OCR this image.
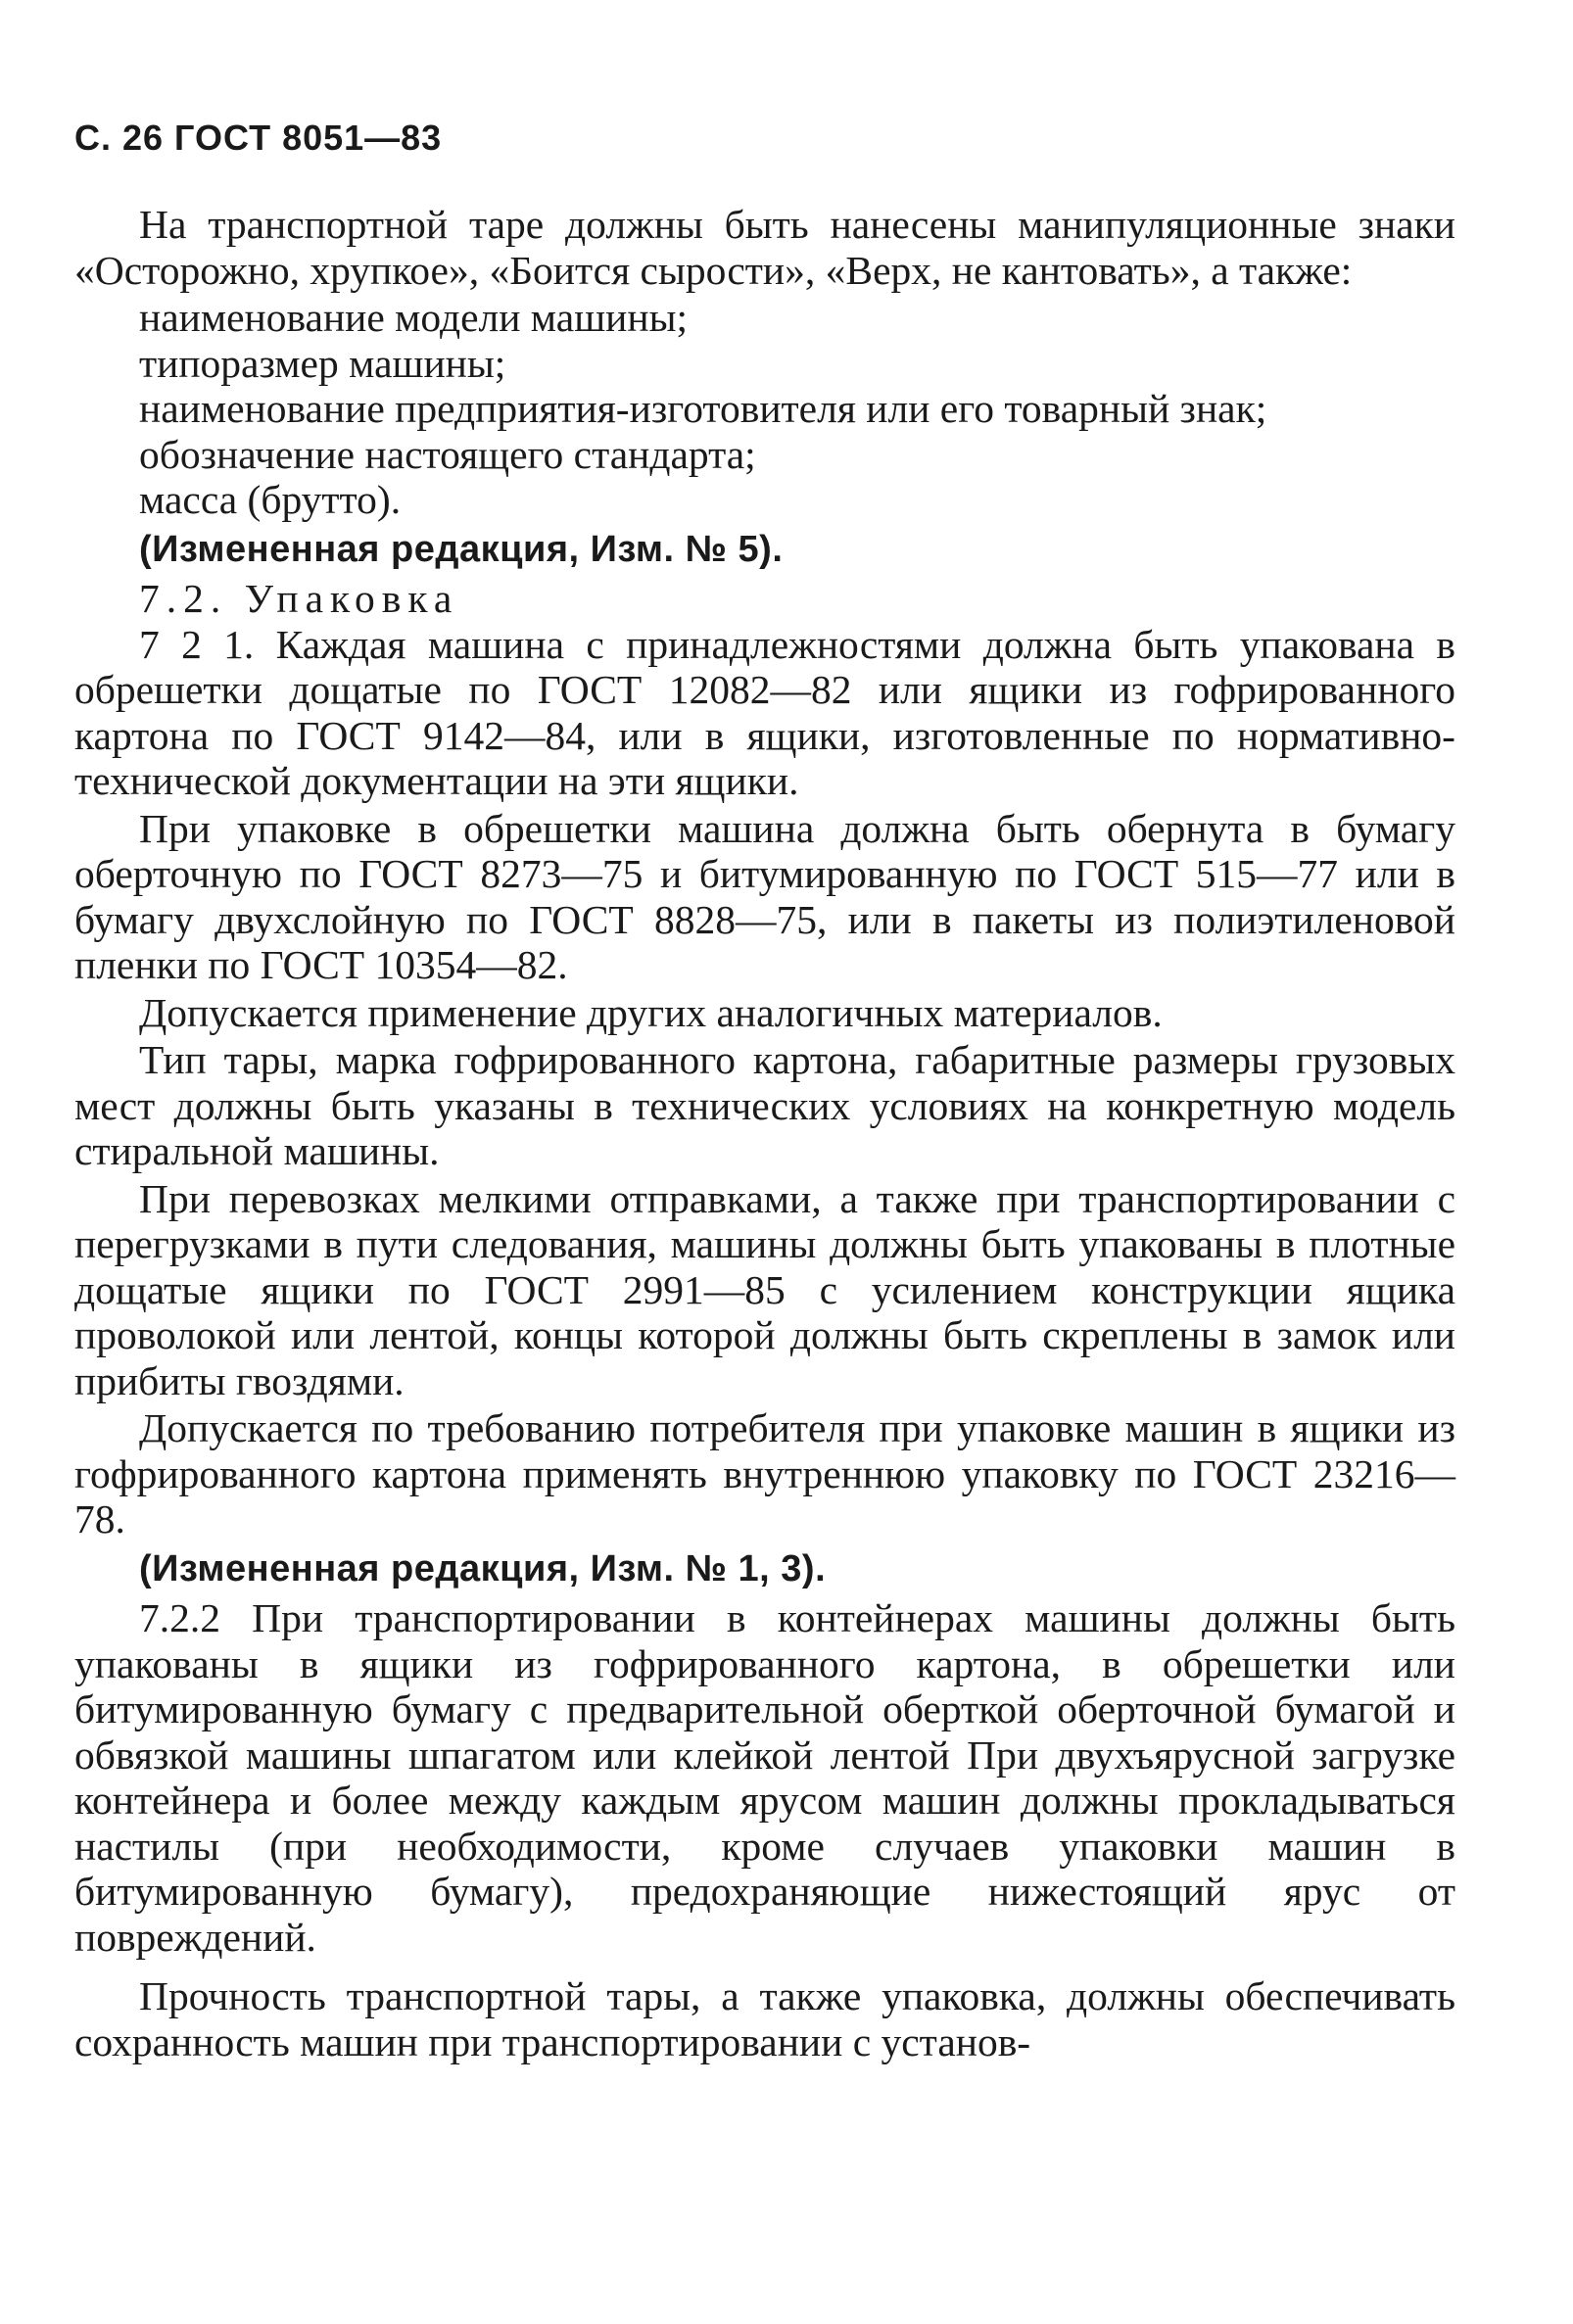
С. 26 ГОСТ 8051—83

На транспортной таре должны быть нанесены манипуляционные знаки «Осторожно, хрупкое», «Боится сырости», «Верх, не кантовать», а также:

наименование модели машины;

типоразмер машины;

наименование предприятия-изготовителя или его товарный знак;

обозначение настоящего стандарта;

масса (брутто).

(Измененная редакция, Изм. № 5).

7.2. Упаковка

7 2 1. Каждая машина с принадлежностями должна быть упакована в обрешетки дощатые по ГОСТ 12082—82 или ящики из гофрированного картона по ГОСТ 9142—84, или в ящики, изготовленные по нормативно-технической документации на эти ящики.

При упаковке в обрешетки машина должна быть обернута в бумагу оберточную по ГОСТ 8273—75 и битумированную по ГОСТ 515—77 или в бумагу двухслойную по ГОСТ 8828—75, или в пакеты из полиэтиленовой пленки по ГОСТ 10354—82.

Допускается применение других аналогичных материалов.

Тип тары, марка гофрированного картона, габаритные размеры грузовых мест должны быть указаны в технических условиях на конкретную модель стиральной машины.

При перевозках мелкими отправками, а также при транспортировании с перегрузками в пути следования, машины должны быть упакованы в плотные дощатые ящики по ГОСТ 2991—85 с усилением конструкции ящика проволокой или лентой, концы которой должны быть скреплены в замок или прибиты гвоздями.

Допускается по требованию потребителя при упаковке машин в ящики из гофрированного картона применять внутреннюю упаковку по ГОСТ 23216—78.

(Измененная редакция, Изм. № 1, 3).

7.2.2 При транспортировании в контейнерах машины должны быть упакованы в ящики из гофрированного картона, в обрешетки или битумированную бумагу с предварительной оберткой оберточной бумагой и обвязкой машины шпагатом или клейкой лентой При двухъярусной загрузке контейнера и более между каждым ярусом машин должны прокладываться настилы (при необходимости, кроме случаев упаковки машин в битумированную бумагу), предохраняющие нижестоящий ярус от повреждений.

Прочность транспортной тары, а также упаковка, должны обеспечивать сохранность машин при транспортировании с установ-
